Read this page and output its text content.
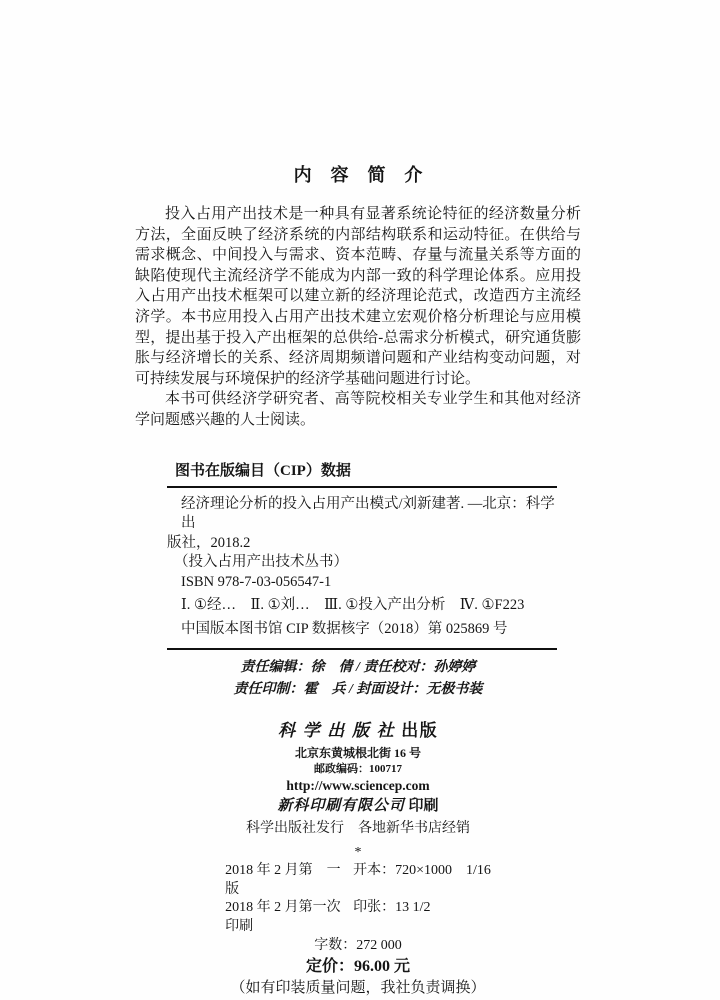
内容简介

投入占用产出技术是一种具有显著系统论特征的经济数量分析方法，全面反映了经济系统的内部结构联系和运动特征。在供给与需求概念、中间投入与需求、资本范畴、存量与流量关系等方面的缺陷使现代主流经济学不能成为内部一致的科学理论体系。应用投入占用产出技术框架可以建立新的经济理论范式，改造西方主流经济学。本书应用投入占用产出技术建立宏观价格分析理论与应用模型，提出基于投入产出框架的总供给-总需求分析模式，研究通货膨胀与经济增长的关系、经济周期频谱问题和产业结构变动问题，对可持续发展与环境保护的经济学基础问题进行讨论。

本书可供经济学研究者、高等院校相关专业学生和其他对经济学问题感兴趣的人士阅读。

图书在版编目（CIP）数据
经济理论分析的投入占用产出模式/刘新建著. —北京：科学出
版社，2018.2
（投入占用产出技术丛书）
ISBN 978-7-03-056547-1
Ⅰ. ①经…　Ⅱ. ①刘…　Ⅲ. ①投入产出分析　Ⅳ. ①F223
中国版本图书馆 CIP 数据核字（2018）第 025869 号
责任编辑：徐　倩 / 责任校对：孙婷婷
责任印制：霍　兵 / 封面设计：无极书装
科学出版社出版
北京东黄城根北街 16 号
邮政编码：100717
http://www.sciencep.com
新科印刷有限公司 印刷
科学出版社发行　各地新华书店经销
*
2018 年 2 月第　一　版
开本：720×1000　1/16
2018 年 2 月第一次印刷
印张：13 1/2
字数：272 000
定价：96.00 元
（如有印装质量问题，我社负责调换）
